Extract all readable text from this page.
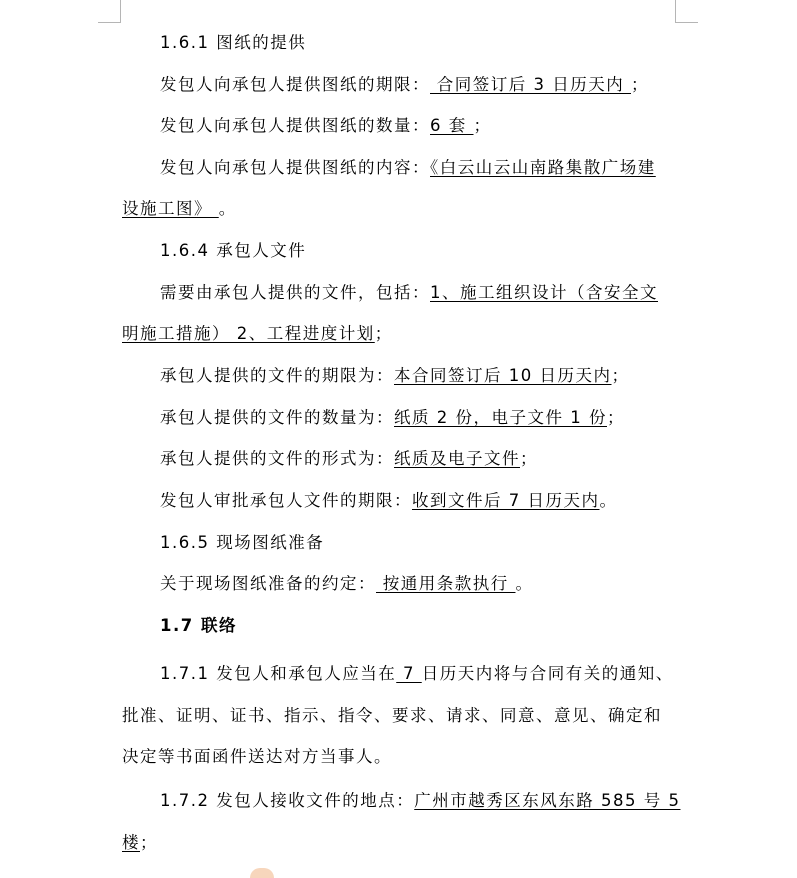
1.6.1 图纸的提供
发包人向承包人提供图纸的期限： 合同签订后 3 日历天内 ；
发包人向承包人提供图纸的数量：6 套 ；
发包人向承包人提供图纸的内容：《白云山云山南路集散广场建
设施工图》 。
1.6.4 承包人文件
需要由承包人提供的文件，包括：1、施工组织设计（含安全文
明施工措施） 2、工程进度计划；
承包人提供的文件的期限为：本合同签订后 10 日历天内；
承包人提供的文件的数量为：纸质 2 份，电子文件 1 份；
承包人提供的文件的形式为：纸质及电子文件；
发包人审批承包人文件的期限：收到文件后 7 日历天内。
1.6.5 现场图纸准备
关于现场图纸准备的约定： 按通用条款执行 。
1.7 联络
1.7.1 发包人和承包人应当在 7 日历天内将与合同有关的通知、
批准、证明、证书、指示、指令、要求、请求、同意、意见、确定和
决定等书面函件送达对方当事人。
1.7.2 发包人接收文件的地点：广州市越秀区东风东路 585 号 5
楼；
